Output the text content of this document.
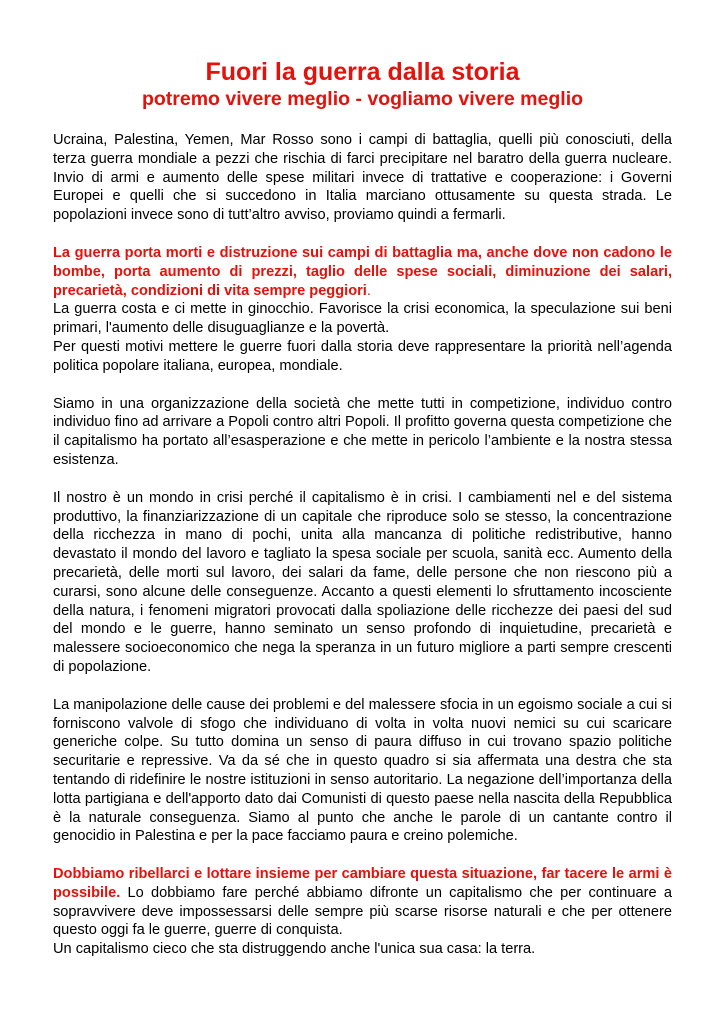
Fuori la guerra dalla storia
potremo vivere meglio - vogliamo vivere meglio

Ucraina, Palestina, Yemen, Mar Rosso sono i campi di battaglia, quelli più conosciuti, della terza guerra mondiale a pezzi che rischia di farci precipitare nel baratro della guerra nucleare. Invio di armi e aumento delle spese militari invece di trattative e cooperazione: i Governi Europei e quelli che si succedono in Italia marciano ottusamente su questa strada. Le popolazioni invece sono di tutt’altro avviso, proviamo quindi a fermarli.

La guerra porta morti e distruzione sui campi di battaglia ma, anche dove non cadono le bombe, porta aumento di prezzi, taglio delle spese sociali, diminuzione dei salari, precarietà, condizioni di vita sempre peggiori.
La guerra costa e ci mette in ginocchio. Favorisce la crisi economica, la speculazione sui beni primari, l'aumento delle disuguaglianze e la povertà.
Per questi motivi mettere le guerre fuori dalla storia deve rappresentare la priorità nell’agenda politica popolare italiana, europea, mondiale.

Siamo in una organizzazione della società che mette tutti in competizione, individuo contro individuo fino ad arrivare a Popoli contro altri Popoli. Il profitto governa questa competizione che il capitalismo ha portato all’esasperazione e che mette in pericolo l’ambiente e la nostra stessa esistenza.

Il nostro è un mondo in crisi perché il capitalismo è in crisi. I cambiamenti nel e del sistema produttivo, la finanziarizzazione di un capitale che riproduce solo se stesso, la concentrazione della ricchezza in mano di pochi, unita alla mancanza di politiche redistributive, hanno devastato il mondo del lavoro e tagliato la spesa sociale per scuola, sanità ecc. Aumento della precarietà, delle morti sul lavoro, dei salari da fame, delle persone che non riescono più a curarsi, sono alcune delle conseguenze. Accanto a questi elementi lo sfruttamento incosciente della natura, i fenomeni migratori provocati dalla spoliazione delle ricchezze dei paesi del sud del mondo e le guerre, hanno seminato un senso profondo di inquietudine, precarietà e malessere socioeconomico che nega la speranza in un futuro migliore a parti sempre crescenti di popolazione.

La manipolazione delle cause dei problemi e del malessere sfocia in un egoismo sociale a cui si forniscono valvole di sfogo che individuano di volta in volta nuovi nemici su cui scaricare generiche colpe. Su tutto domina un senso di paura diffuso in cui trovano spazio politiche securitarie e repressive. Va da sé che in questo quadro si sia affermata una destra che sta tentando di ridefinire le nostre istituzioni in senso autoritario. La negazione dell’importanza della lotta partigiana e dell'apporto dato dai Comunisti di questo paese nella nascita della Repubblica è la naturale conseguenza. Siamo al punto che anche le parole di un cantante contro il genocidio in Palestina e per la pace facciamo paura e creino polemiche.

Dobbiamo ribellarci e lottare insieme per cambiare questa situazione, far tacere le armi è possibile. Lo dobbiamo fare perché abbiamo difronte un capitalismo che per continuare a sopravvivere deve impossessarsi delle sempre più scarse risorse naturali e che per ottenere questo oggi fa le guerre, guerre di conquista.
Un capitalismo cieco che sta distruggendo anche l'unica sua casa: la terra.
